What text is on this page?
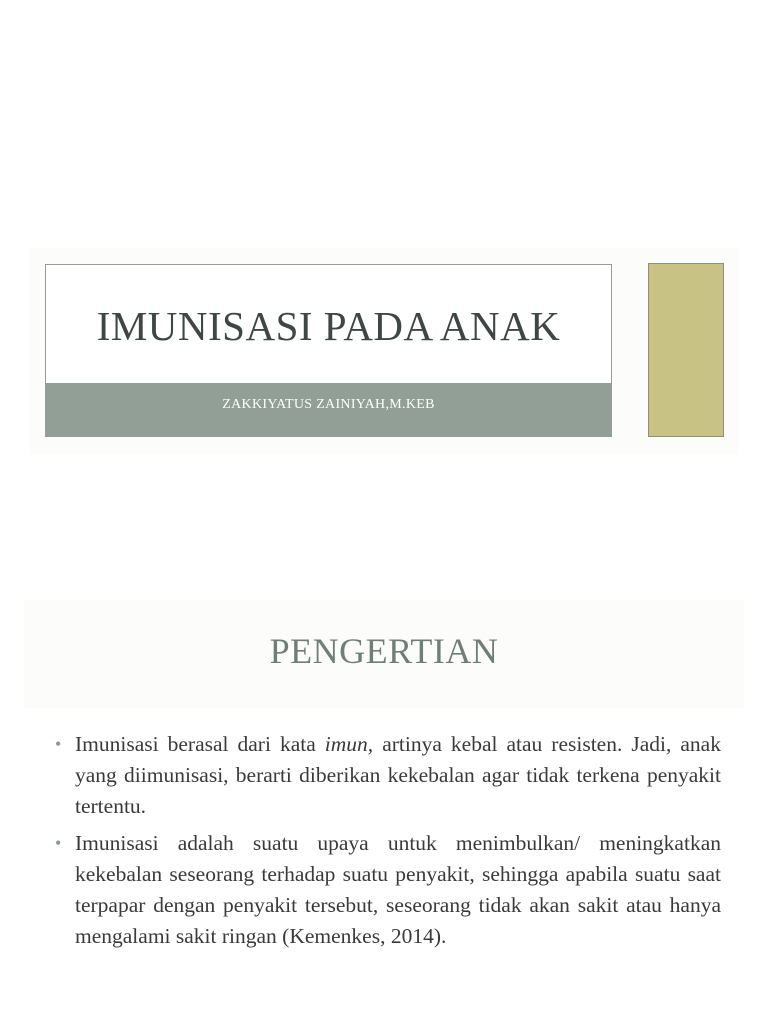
IMUNISASI PADA ANAK
ZAKKIYATUS ZAINIYAH,M.KEB
PENGERTIAN
• Imunisasi berasal dari kata imun, artinya kebal atau resisten. Jadi, anak yang diimunisasi, berarti diberikan kekebalan agar tidak terkena penyakit tertentu.
• Imunisasi adalah suatu upaya untuk menimbulkan/ meningkatkan kekebalan seseorang terhadap suatu penyakit, sehingga apabila suatu saat terpapar dengan penyakit tersebut, seseorang tidak akan sakit atau hanya mengalami sakit ringan (Kemenkes, 2014).
